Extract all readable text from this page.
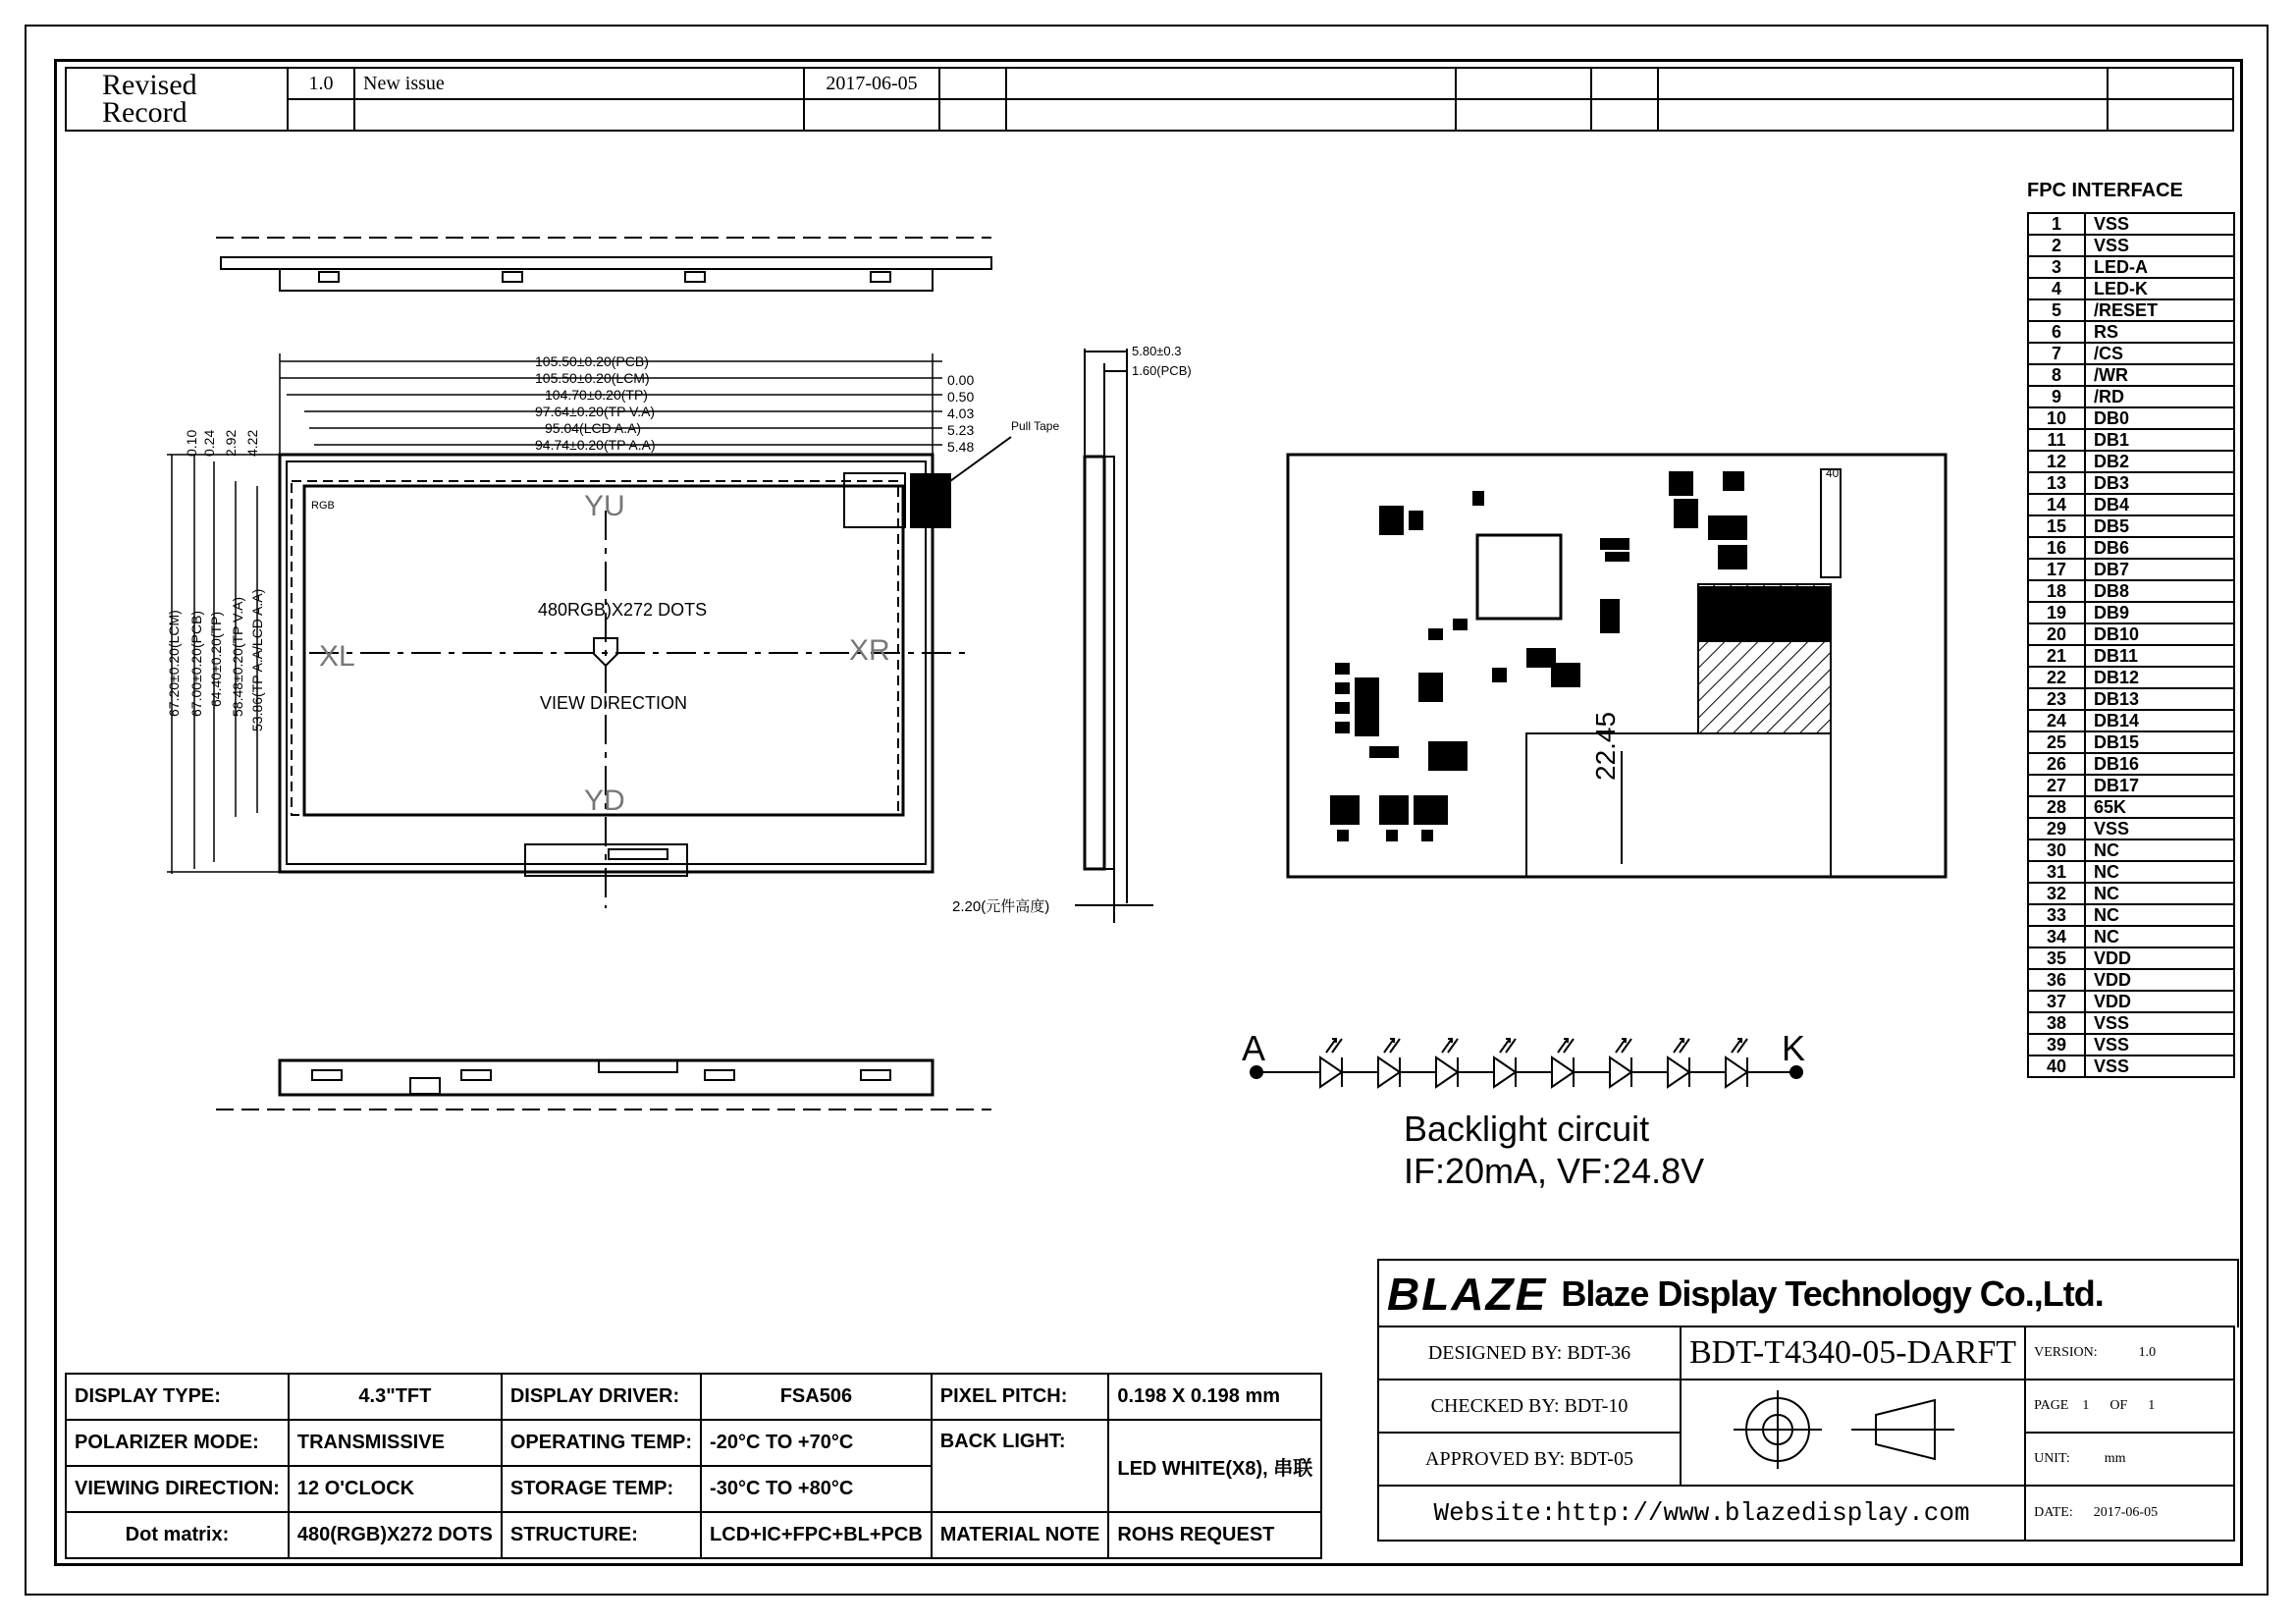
Revised
Record	1.0	New issue	2017-06-05						

105.50±0.20(PCB)
105.50±0.20(LCM)
104.70±0.20(TP)
97.64±0.20(TP V.A)
95.04(LCD A.A)
94.74±0.20(TP A.A)
0.00
0.50
4.03
5.23
5.48
Pull Tape
RGB
480RGB)X272 DOTS
VIEW DIRECTION
YU
YD
XL	XR
5.80±0.3
1.60(PCB)
2.20(元件高度)
40
22.45
0.10 0.24 2.92 4.22
67.20±0.20(LCM) 67.00±0.20(PCB) 64.40±0.20(TP) 58.48±0.20(TP V.A) 53.86(TP A.A/LCD A.A)
A	K
Backlight circuit
IF:20mA, VF:24.8V
FPC INTERFACE
1	VSS
2	VSS
3	LED-A
4	LED-K
5	/RESET
6	RS
7	/CS
8	/WR
9	/RD
10	DB0
11	DB1
12	DB2
13	DB3
14	DB4
15	DB5
16	DB6
17	DB7
18	DB8
19	DB9
20	DB10
21	DB11
22	DB12
23	DB13
24	DB14
25	DB15
26	DB16
27	DB17
28	65K
29	VSS
30	NC
31	NC
32	NC
33	NC
34	NC
35	VDD
36	VDD
37	VDD
38	VSS
39	VSS
40	VSS
DISPLAY TYPE:	4.3"TFT	DISPLAY DRIVER:	FSA506	PIXEL PITCH:	0.198 X 0.198 mm
POLARIZER MODE:	TRANSMISSIVE	OPERATING TEMP:	-20°C TO +70°C	BACK LIGHT:	LED WHITE(X8), 串联
VIEWING DIRECTION:	12 O'CLOCK	STORAGE TEMP:	-30°C TO +80°C		
Dot matrix:	480(RGB)X272 DOTS	STRUCTURE:	LCD+IC+FPC+BL+PCB	MATERIAL NOTE	ROHS REQUEST
BLAZE Blaze Display Technology Co.,Ltd.
DESIGNED BY: BDT-36	BDT-T4340-05-DARFT	VERSION: 1.0
CHECKED BY: BDT-10		PAGE 1 OF 1
APPROVED BY: BDT-05		UNIT: mm
Website:http://www.blazedisplay.com		DATE: 2017-06-05
